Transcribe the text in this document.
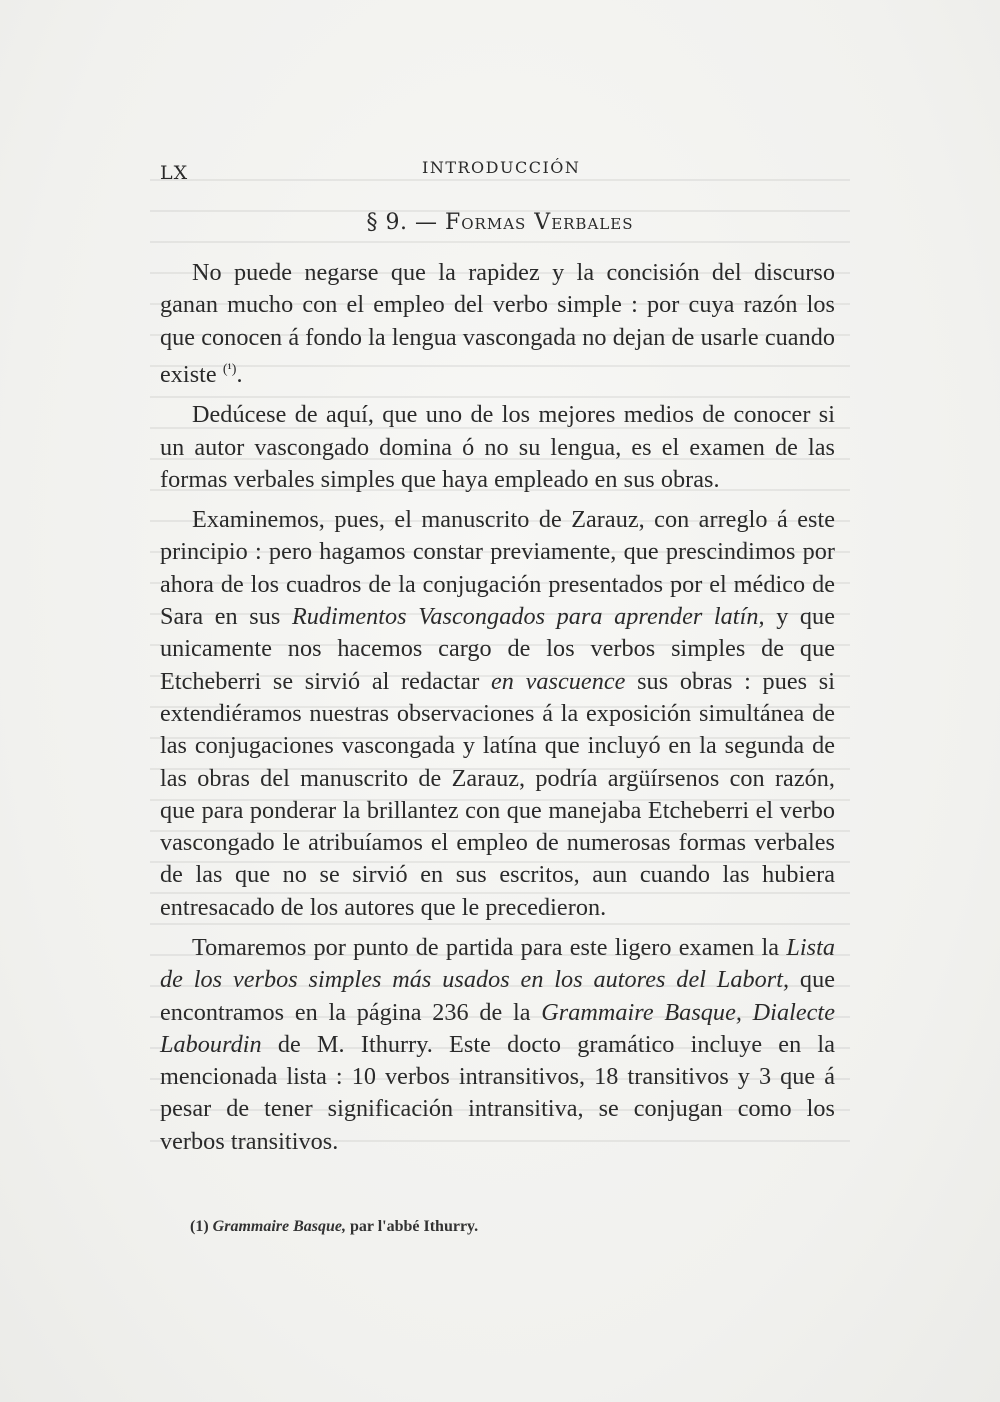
LX	INTRODUCCIÓN
§ 9. — Formas Verbales

No puede negarse que la rapidez y la concisión del discurso ganan mucho con el empleo del verbo simple : por cuya razón los que conocen á fondo la lengua vascongada no dejan de usarle cuando existe $^{(^1)}$.

Dedúcese de aquí, que uno de los mejores medios de conocer si un autor vascongado domina ó no su lengua, es el examen de las formas verbales simples que haya empleado en sus obras.

Examinemos, pues, el manuscrito de Zarauz, con arreglo á este principio : pero hagamos constar previamente, que prescindimos por ahora de los cuadros de la conjugación presentados por el médico de Sara en sus Rudimentos Vascongados para aprender latín, y que unicamente nos hacemos cargo de los verbos simples de que Etcheberri se sirvió al redactar en vascuence sus obras : pues si extendiéramos nuestras observaciones á la exposición simultánea de las conjugaciones vascongada y latína que incluyó en la segunda de las obras del manuscrito de Zarauz, podría argüírsenos con razón, que para ponderar la brillantez con que manejaba Etcheberri el verbo vascongado le atribuíamos el empleo de numerosas formas verbales de las que no se sirvió en sus escritos, aun cuando las hubiera entresacado de los autores que le precedieron.

Tomaremos por punto de partida para este ligero examen la Lista de los verbos simples más usados en los autores del Labort, que encontramos en la página 236 de la Grammaire Basque, Dialecte Labourdin de M. Ithurry. Este docto gramático incluye en la mencionada lista : 10 verbos intransitivos, 18 transitivos y 3 que á pesar de tener significación intransitiva, se conjugan como los verbos transitivos.

(1) Grammaire Basque, par l'abbé Ithurry.
